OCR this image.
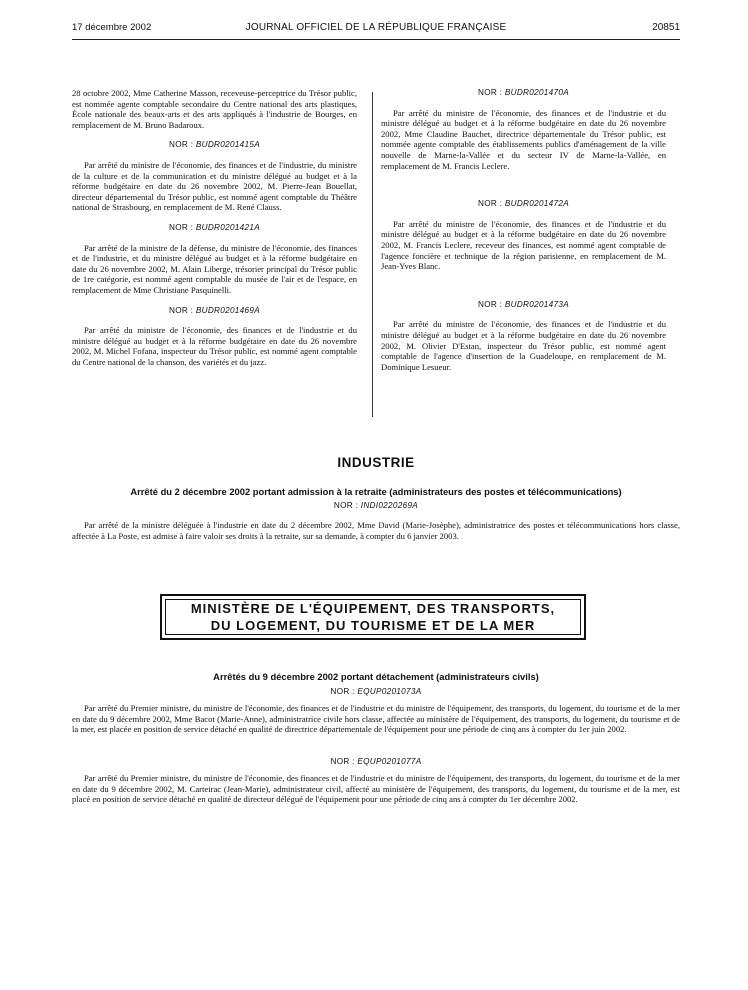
17 décembre 2002	JOURNAL OFFICIEL DE LA RÉPUBLIQUE FRANÇAISE	20851

28 octobre 2002, Mme Catherine Masson, receveuse-perceptrice du Trésor public, est nommée agente comptable secondaire du Centre national des arts plastiques, École nationale des beaux-arts et des arts appliqués à l'industrie de Bourges, en remplacement de M. Bruno Badaroux.

NOR : BUDR0201415A

Par arrêté du ministre de l'économie, des finances et de l'industrie, du ministre de la culture et de la communication et du ministre délégué au budget et à la réforme budgétaire en date du 26 novembre 2002, M. Pierre-Jean Bouellat, directeur départemental du Trésor public, est nommé agent comptable du Théâtre national de Strasbourg, en remplacement de M. René Clauss.

NOR : BUDR0201421A

Par arrêté de la ministre de la défense, du ministre de l'économie, des finances et de l'industrie, et du ministre délégué au budget et à la réforme budgétaire en date du 26 novembre 2002, M. Alain Liberge, trésorier principal du Trésor public de 1re catégorie, est nommé agent comptable du musée de l'air et de l'espace, en remplacement de Mme Christiane Pasquinelli.

NOR : BUDR0201469A

Par arrêté du ministre de l'économie, des finances et de l'industrie et du ministre délégué au budget et à la réforme budgétaire en date du 26 novembre 2002, M. Michel Fofana, inspecteur du Trésor public, est nommé agent comptable du Centre national de la chanson, des variétés et du jazz.

NOR : BUDR0201470A

Par arrêté du ministre de l'économie, des finances et de l'industrie et du ministre délégué au budget et à la réforme budgétaire en date du 26 novembre 2002, Mme Claudine Bauchet, directrice départementale du Trésor public, est nommée agente comptable des établissements publics d'aménagement de la ville nouvelle de Marne-la-Vallée et du secteur IV de Marne-la-Vallée, en remplacement de M. Francis Leclere.

NOR : BUDR0201472A

Par arrêté du ministre de l'économie, des finances et de l'industrie et du ministre délégué au budget et à la réforme budgétaire en date du 26 novembre 2002, M. Francis Leclere, receveur des finances, est nommé agent comptable de l'agence foncière et technique de la région parisienne, en remplacement de M. Jean-Yves Blanc.

NOR : BUDR0201473A

Par arrêté du ministre de l'économie, des finances et de l'industrie et du ministre délégué au budget et à la réforme budgétaire en date du 26 novembre 2002, M. Olivier D'Estan, inspecteur du Trésor public, est nommé agent comptable de l'agence d'insertion de la Guadeloupe, en remplacement de M. Dominique Lesueur.

INDUSTRIE
Arrêté du 2 décembre 2002 portant admission à la retraite (administrateurs des postes et télécommunications)
NOR : INDI0220269A

Par arrêté de la ministre déléguée à l'industrie en date du 2 décembre 2002, Mme David (Marie-Josèphe), administratrice des postes et télécommunications hors classe, affectée à La Poste, est admise à faire valoir ses droits à la retraite, sur sa demande, à compter du 6 janvier 2003.

MINISTÈRE DE L'ÉQUIPEMENT, DES TRANSPORTS,
DU LOGEMENT, DU TOURISME ET DE LA MER
Arrêtés du 9 décembre 2002 portant détachement (administrateurs civils)
NOR : EQUP0201073A

Par arrêté du Premier ministre, du ministre de l'économie, des finances et de l'industrie et du ministre de l'équipement, des transports, du logement, du tourisme et de la mer en date du 9 décembre 2002, Mme Bacot (Marie-Anne), administratrice civile hors classe, affectée au ministère de l'équipement, des transports, du logement, du tourisme et de la mer, est placée en position de service détaché en qualité de directrice départementale de l'équipement pour une période de cinq ans à compter du 1er juin 2002.

NOR : EQUP0201077A

Par arrêté du Premier ministre, du ministre de l'économie, des finances et de l'industrie et du ministre de l'équipement, des transports, du logement, du tourisme et de la mer en date du 9 décembre 2002, M. Carteirac (Jean-Marie), administrateur civil, affecté au ministère de l'équipement, des transports, du logement, du tourisme et de la mer, est placé en position de service détaché en qualité de directeur délégué de l'équipement pour une période de cinq ans à compter du 1er décembre 2002.
